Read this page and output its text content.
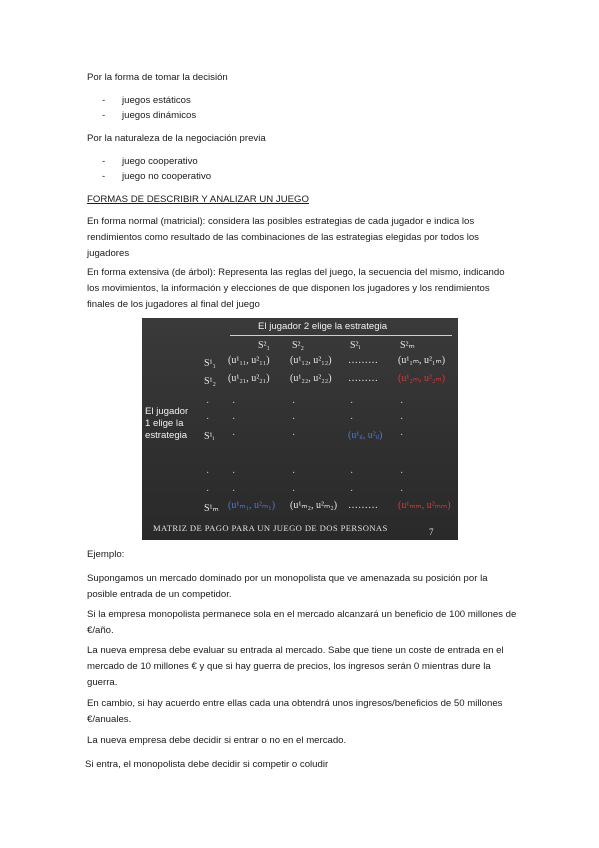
Por la forma de tomar la decisión

- juegos estáticos
- juegos dinámicos

Por la naturaleza de la negociación previa

- juego cooperativo
- juego no cooperativo

FORMAS DE DESCRIBIR Y ANALIZAR UN JUEGO

En forma normal (matricial): considera las posibles estrategias de cada jugador e indica los rendimientos como resultado de las combinaciones de las estrategias elegidas por todos los jugadores

En forma extensiva (de árbol): Representa las reglas del juego, la secuencia del mismo, indicando los movimientos, la información y elecciones de que disponen los jugadores y los rendimientos finales de los jugadores al final del juego

El jugador 2 elige la estrategia
S²₁ S²₂	S²ᵢ	S²ₘ
S¹₁ (u¹₁₁, u²₁₁) (u¹₁₂, u²₁₂) ……… (u¹₁ₘ, u²₁ₘ)
S¹₂ (u¹₂₁, u²₂₁) (u¹₂₂, u²₂₂) ……… (u¹₂ₘ, u²₂ₘ)
El jugador
1 elige la
estrategia
· ·	·	·	·
· ·	·	·	·
S¹ᵢ ·	·	(u¹ᵢⱼ, u²ᵢⱼ) ·
· ·	·	·	·
· ·	·	·	·
S¹ₘ (u¹ₘ₁, u²ₘ₁) (u¹ₘ₂, u²ₘ₂) ……… (u¹ₘₘ, u²ₘₘ)
MATRIZ DE PAGO PARA UN JUEGO DE DOS PERSONAS	7

Ejemplo:

Supongamos un mercado dominado por un monopolista que ve amenazada su posición por la posible entrada de un competidor.

Si la empresa monopolista permanece sola en el mercado alcanzará un beneficio de 100 millones de €/año.

La nueva empresa debe evaluar su entrada al mercado. Sabe que tiene un coste de entrada en el mercado de 10 millones € y que si hay guerra de precios, los ingresos serán 0 mientras dure la guerra.

En cambio, si hay acuerdo entre ellas cada una obtendrá unos ingresos/beneficios de 50 millones €/anuales.

La nueva empresa debe decidir si entrar o no en el mercado.

Si entra, el monopolista debe decidir si competir o coludir
